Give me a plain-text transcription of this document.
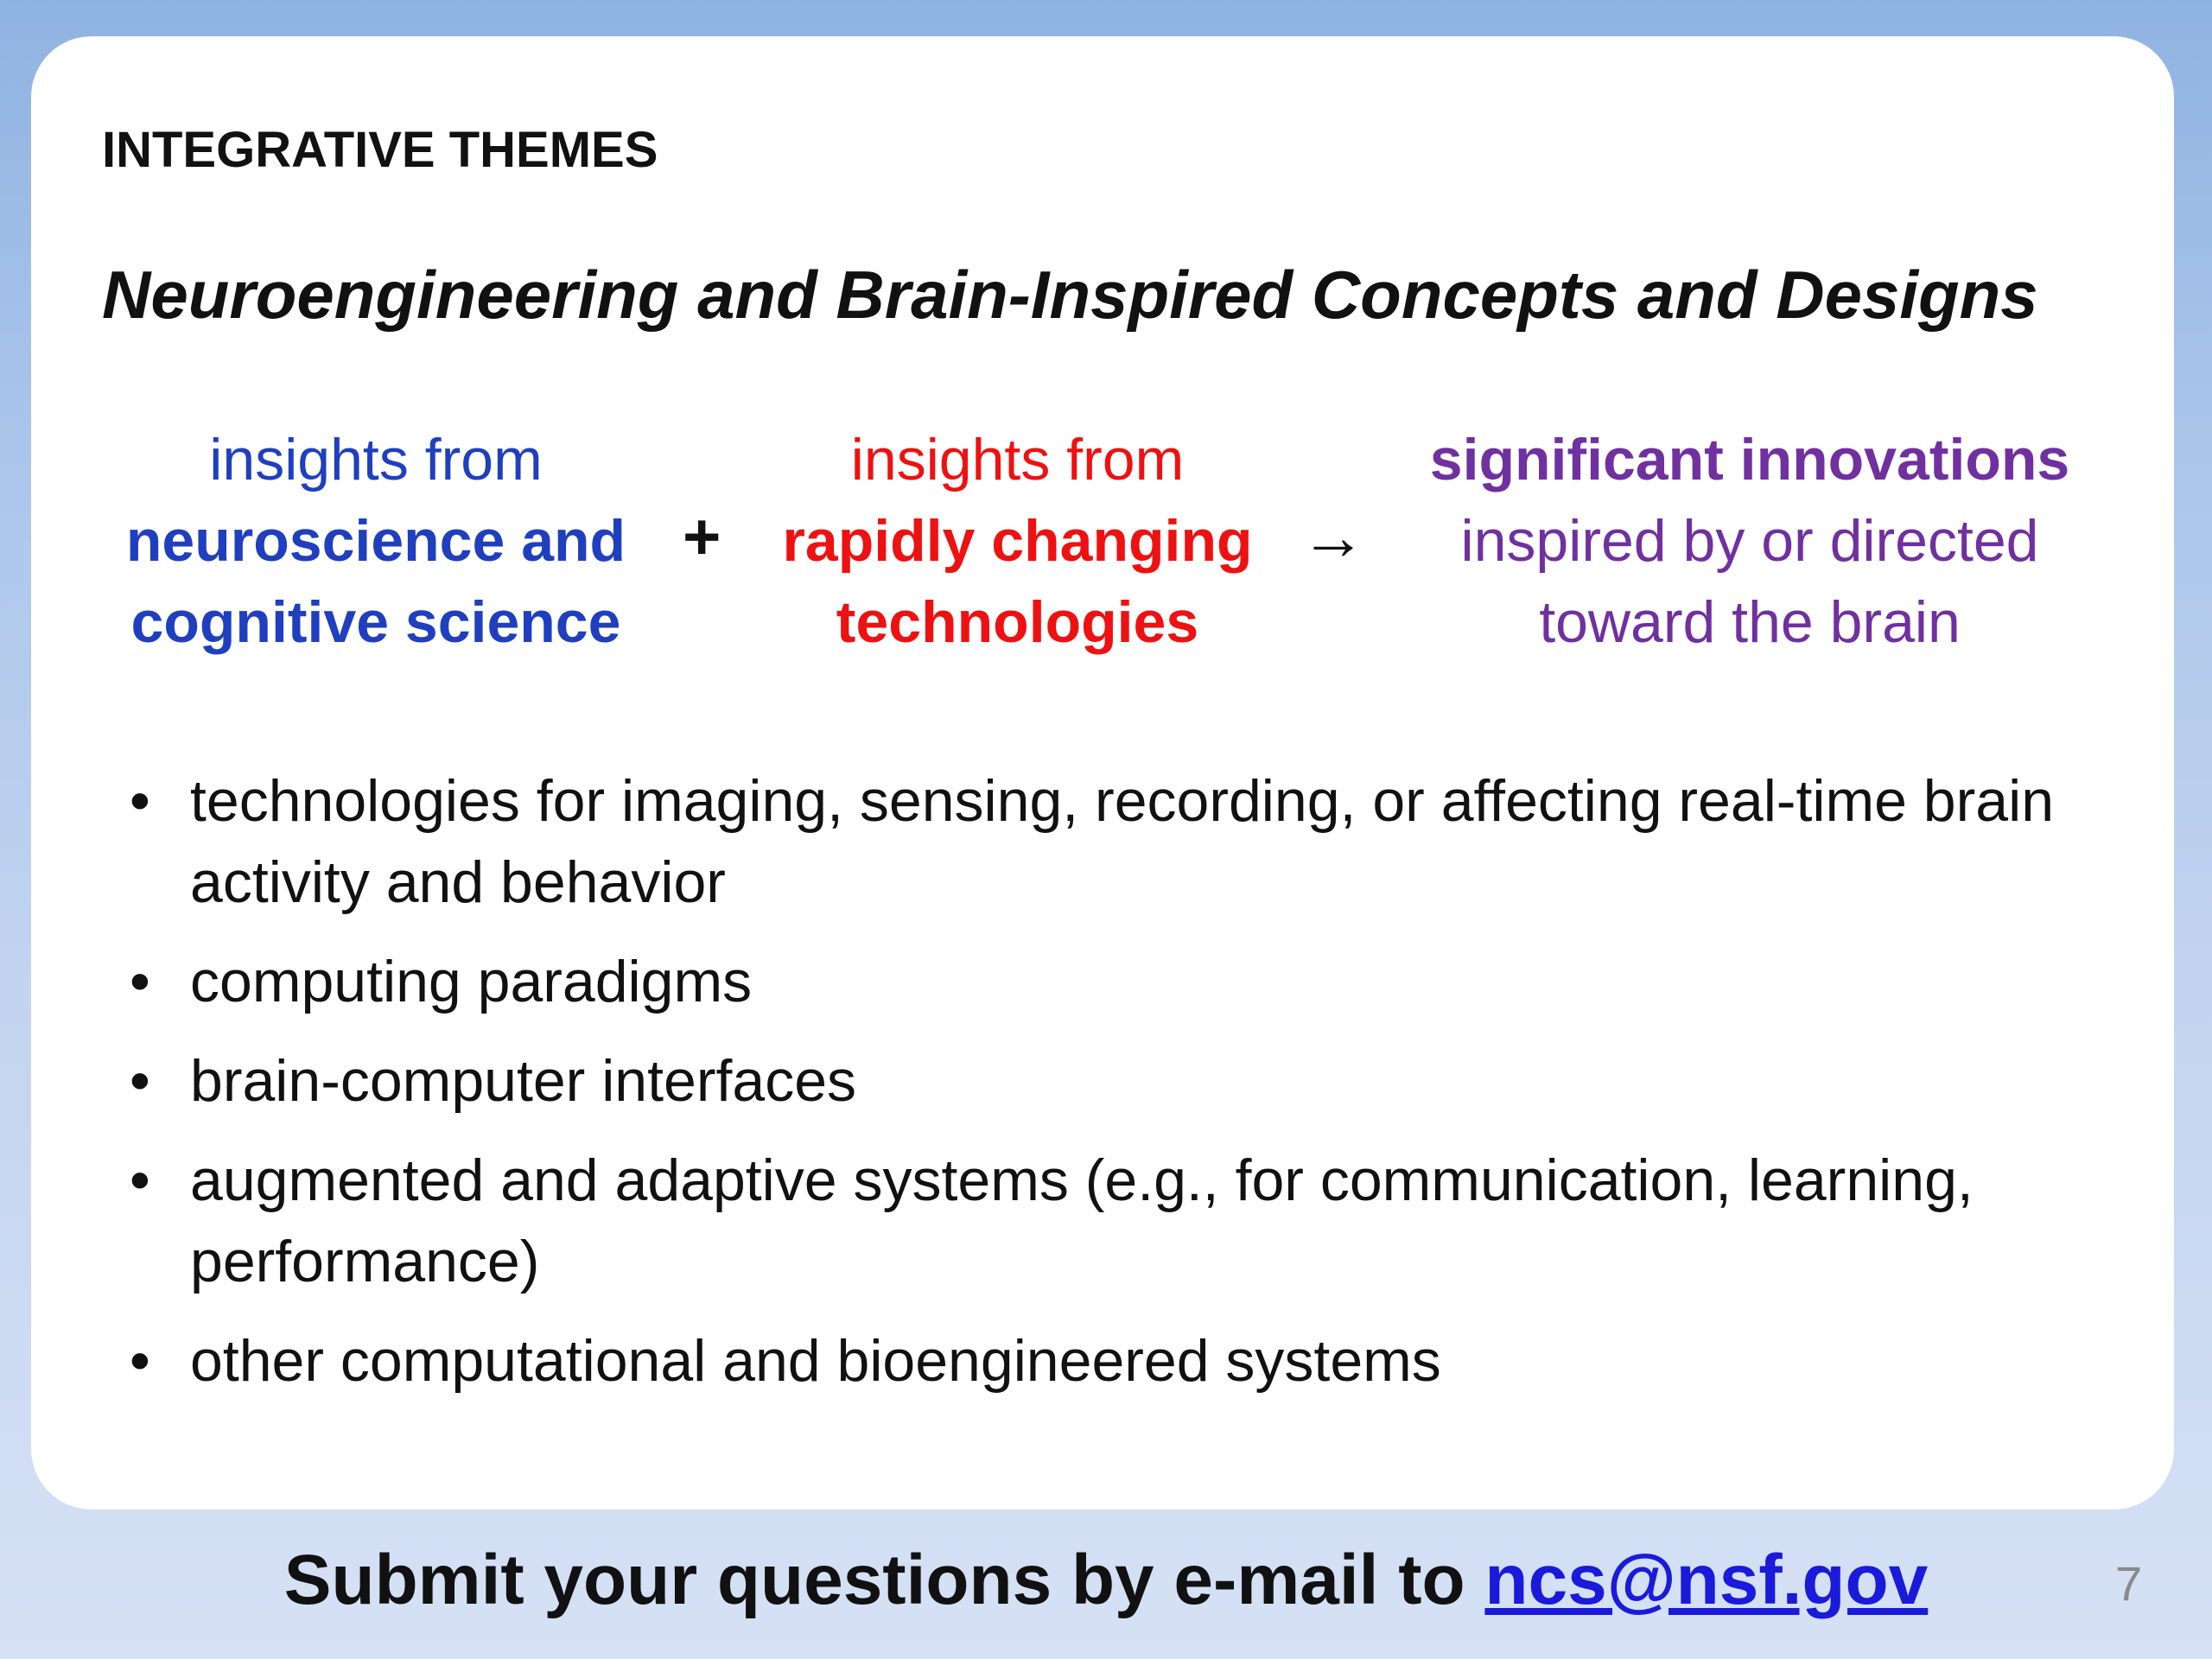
INTEGRATIVE THEMES
Neuroengineering and Brain-Inspired Concepts and Designs
insights from
neuroscience and
cognitive science
+
insights from
rapidly changing
technologies
→
significant innovations
inspired by or directed
toward the brain
• technologies for imaging, sensing, recording, or affecting real-time brain activity and behavior
• computing paradigms
• brain-computer interfaces
• augmented and adaptive systems (e.g., for communication, learning, performance)
• other computational and bioengineered systems
Submit your questions by e-mail to ncs@nsf.gov	7
